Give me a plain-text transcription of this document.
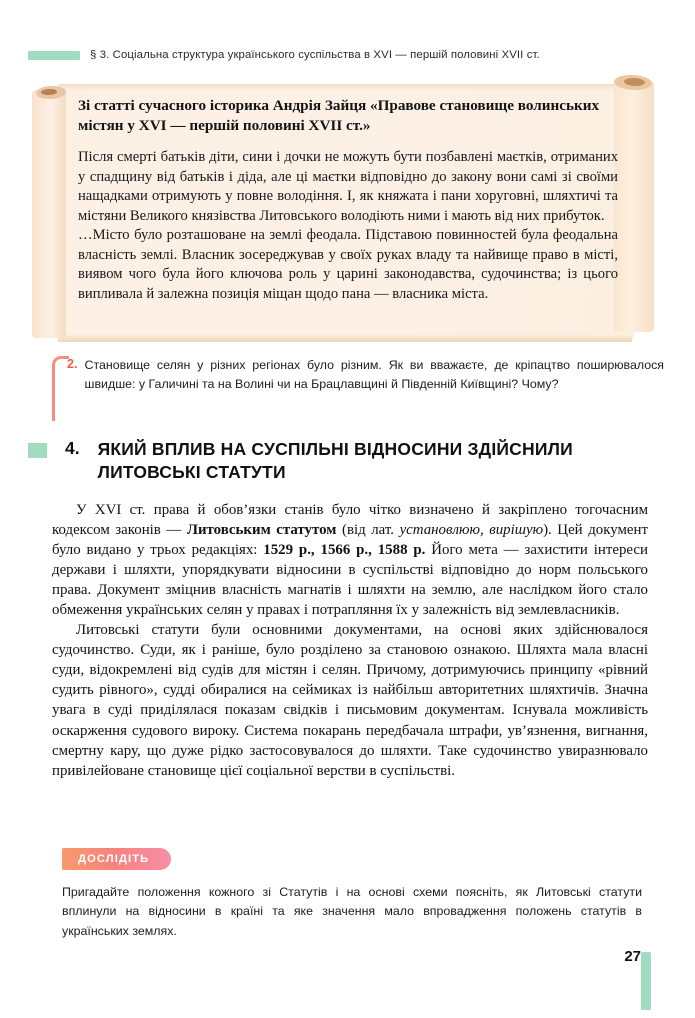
§ 3. Соціальна структура українського суспільства в XVI — першій половині XVII ст.
Зі статті сучасного історика Андрія Зайця «Правове становище волинських містян у XVI — першій половині XVII ст.»

Після смерті батьків діти, сини і дочки не можуть бути позбавлені маєтків, отриманих у спадщину від батьків і діда, але ці маєтки відповідно до закону вони самі зі своїми нащадками отримують у повне володіння. І, як княжата і пани хоруговні, шляхтичі та містяни Великого князівства Литовського володіють ними і мають від них прибуток.

…Місто було розташоване на землі феодала. Підставою повинностей була феодальна власність землі. Власник зосереджував у своїх руках владу та найвище право в місті, виявом чого була його ключова роль у царині законодавства, судочинства; із цього випливала й залежна позиція міщан щодо пана — власника міста.

2. Становище селян у різних регіонах було різним. Як ви вважаєте, де кріпацтво поширювалося швидше: у Галичині та на Волині чи на Брацлавщині й Південній Київщині? Чому?
4. ЯКИЙ ВПЛИВ НА СУСПІЛЬНІ ВІДНОСИНИ ЗДІЙСНИЛИ ЛИТОВСЬКІ СТАТУТИ

У XVI ст. права й обов’язки станів було чітко визначено й закріплено тогочасним кодексом законів — Литовським статутом (від лат. установлюю, вирішую). Цей документ було видано у трьох редакціях: 1529 р., 1566 р., 1588 р. Його мета — захистити інтереси держави і шляхти, упорядкувати відносини в суспільстві відповідно до норм польського права. Документ зміцнив власність магнатів і шляхти на землю, але наслідком його стало обмеження українських селян у правах і потрапляння їх у залежність від землевласників.

Литовські статути були основними документами, на основі яких здійснювалося судочинство. Суди, як і раніше, було розділено за становою ознакою. Шляхта мала власні суди, відокремлені від судів для містян і селян. Причому, дотримуючись принципу «рівний судить рівного», судді обиралися на сеймиках із найбільш авторитетних шляхтичів. Значна увага в суді приділялася показам свідків і письмовим документам. Існувала можливість оскарження судового вироку. Система покарань передбачала штрафи, ув’язнення, вигнання, смертну кару, що дуже рідко застосовувалося до шляхти. Таке судочинство увиразнювало привілейоване становище цієї соціальної верстви в суспільстві.

ДОСЛІДІТЬ
Пригадайте положення кожного зі Статутів і на основі схеми поясніть, як Литовські статути вплинули на відносини в країні та яке значення мало впровадження положень статутів в українських землях.
27
